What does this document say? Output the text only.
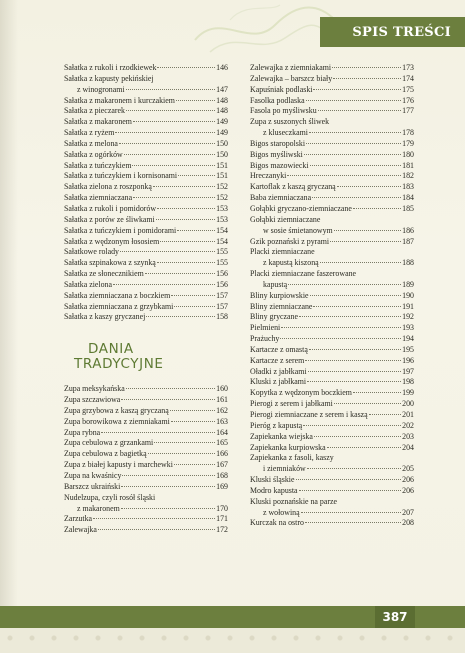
SPIS TREŚCI
Sałatka z rukoli i rzodkiewek	146
Sałatka z kapusty pekińskiej
z winogronami	147
Sałatka z makaronem i kurczakiem	148
Sałatka z pieczarek	148
Sałatka z makaronem	149
Sałatka z ryżem	149
Sałatka z melona	150
Sałatka z ogórków	150
Sałatka z tuńczykiem	151
Sałatka z tuńczykiem i kornisonami	151
Sałatka zielona z roszponką	152
Sałatka ziemniaczana	152
Sałatka z rukoli i pomidorów	153
Sałatka z porów ze śliwkami	153
Sałatka z tuńczykiem i pomidorami	154
Sałatka z wędzonym łososiem	154
Sałatkowe rolady	155
Sałatka szpinakowa z szynką	155
Sałatka ze słonecznikiem	156
Sałatka zielona	156
Sałatka ziemniaczana z boczkiem	157
Sałatka ziemniaczana z grzybkami	157
Sałatka z kaszy gryczanej	158
DANIA
TRADYCYJNE
Zupa meksykańska	160
Zupa szczawiowa	161
Zupa grzybowa z kaszą gryczaną	162
Zupa borowikowa z ziemniakami	163
Zupa rybna	164
Zupa cebulowa z grzankami	165
Zupa cebulowa z bagietką	166
Zupa z białej kapusty i marchewki	167
Zupa na kwaśnicy	168
Barszcz ukraiński	169
Nudelzupa, czyli rosół śląski
z makaronem	170
Zarzutka	171
Zalewajka	172
Zalewajka z ziemniakami	173
Zalewajka – barszcz biały	174
Kapuśniak podlaski	175
Fasolka podlaska	176
Fasola po myśliwsku	177
Zupa z suszonych śliwek
z kluseczkami	178
Bigos staropolski	179
Bigos myśliwski	180
Bigos mazowiecki	181
Hreczanyki	182
Kartoflak z kaszą gryczaną	183
Baba ziemniaczana	184
Gołąbki gryczano-ziemniaczane	185
Gołąbki ziemniaczane
w sosie śmietanowym	186
Gzik poznański z pyrami	187
Placki ziemniaczane
z kapustą kiszoną	188
Placki ziemniaczane faszerowane
kapustą	189
Bliny kurpiowskie	190
Bliny ziemniaczane	191
Bliny gryczane	192
Pielmieni	193
Prażuchy	194
Kartacze z omastą	195
Kartacze z serem	196
Oładki z jabłkami	197
Kluski z jabłkami	198
Kopytka z wędzonym boczkiem	199
Pierogi z serem i jabłkami	200
Pierogi ziemniaczane z serem i kaszą	201
Pieróg z kapustą	202
Zapiekanka wiejska	203
Zapiekanka kurpiowska	204
Zapiekanka z fasoli, kaszy
i ziemniaków	205
Kluski śląskie	206
Modro kapusta	206
Kluski poznańskie na parze
z wołowiną	207
Kurczak na ostro	208
387
